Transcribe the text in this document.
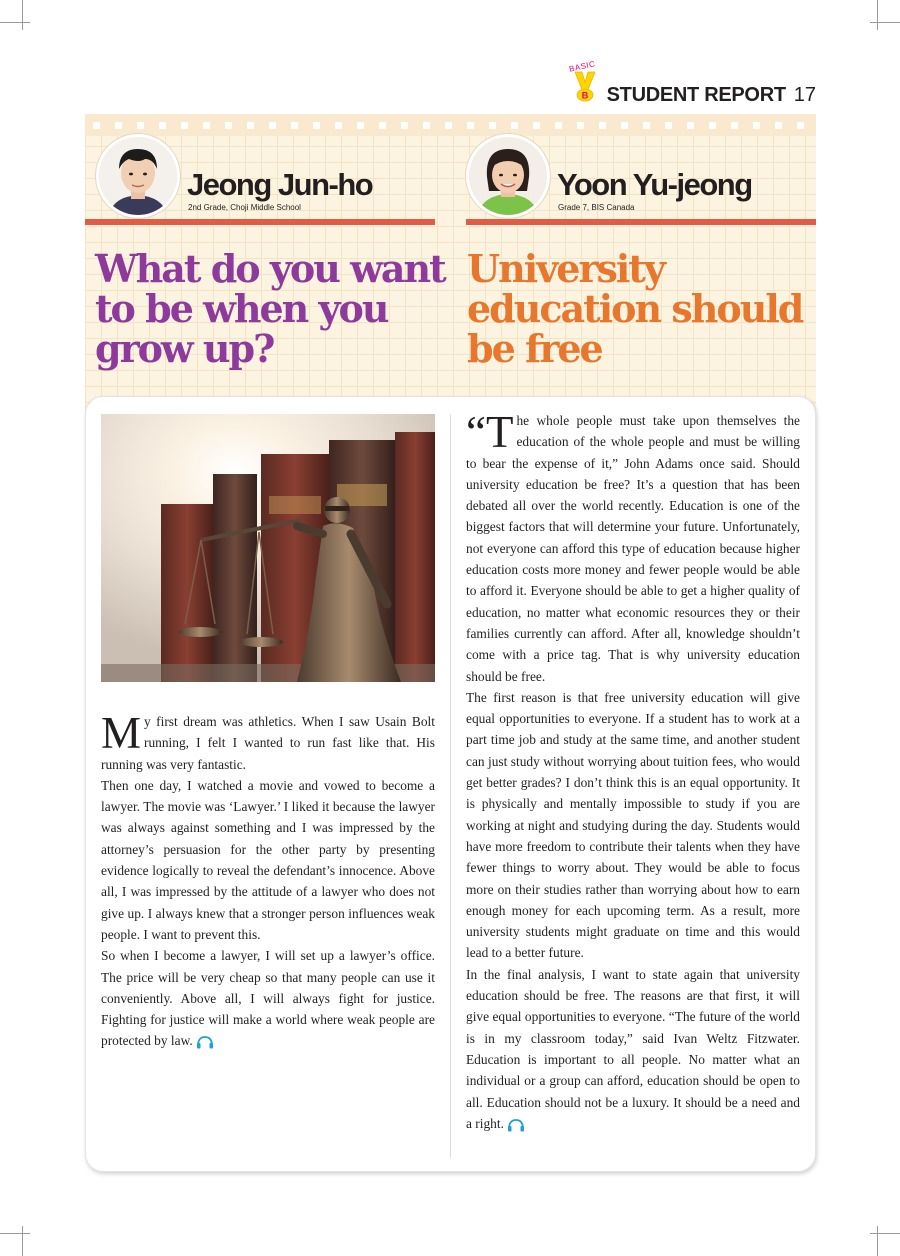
BASIC
B STUDENT REPORT 17
Jeong Jun-ho
2nd Grade, Choji Middle School
Yoon Yu-jeong
Grade 7, BIS Canada
What do you want
to be when you
grow up?
University
education should
be free

My first dream was athletics. When I saw Usain Bolt running, I felt I wanted to run fast like that. His running was very fantastic.

Then one day, I watched a movie and vowed to become a lawyer. The movie was ‘Lawyer.’ I liked it because the lawyer was always against something and I was impressed by the attorney’s persuasion for the other party by presenting evidence logically to reveal the defendant’s innocence. Above all, I was impressed by the attitude of a lawyer who does not give up. I always knew that a stronger person influences weak people. I want to prevent this.

So when I become a lawyer, I will set up a lawyer’s office. The price will be very cheap so that many people can use it conveniently. Above all, I will always fight for justice. Fighting for justice will make a world where weak people are protected by law.

“T he whole people must take upon themselves the education of the whole people and must be willing to bear the expense of it,” John Adams once said. Should university education be free? It’s a question that has been debated all over the world recently. Education is one of the biggest factors that will determine your future. Unfortunately, not everyone can afford this type of education because higher education costs more money and fewer people would be able to afford it. Everyone should be able to get a higher quality of education, no matter what economic resources they or their families currently can afford. After all, knowledge shouldn’t come with a price tag. That is why university education should be free.

The first reason is that free university education will give equal opportunities to everyone. If a student has to work at a part time job and study at the same time, and another student can just study without worrying about tuition fees, who would get better grades? I don’t think this is an equal opportunity. It is physically and mentally impossible to study if you are working at night and studying during the day. Students would have more freedom to contribute their talents when they have fewer things to worry about. They would be able to focus more on their studies rather than worrying about how to earn enough money for each upcoming term. As a result, more university students might graduate on time and this would lead to a better future.

In the final analysis, I want to state again that university education should be free. The reasons are that first, it will give equal opportunities to everyone. “The future of the world is in my classroom today,” said Ivan Weltz Fitzwater. Education is important to all people. No matter what an individual or a group can afford, education should be open to all. Education should not be a luxury. It should be a need and a right.
